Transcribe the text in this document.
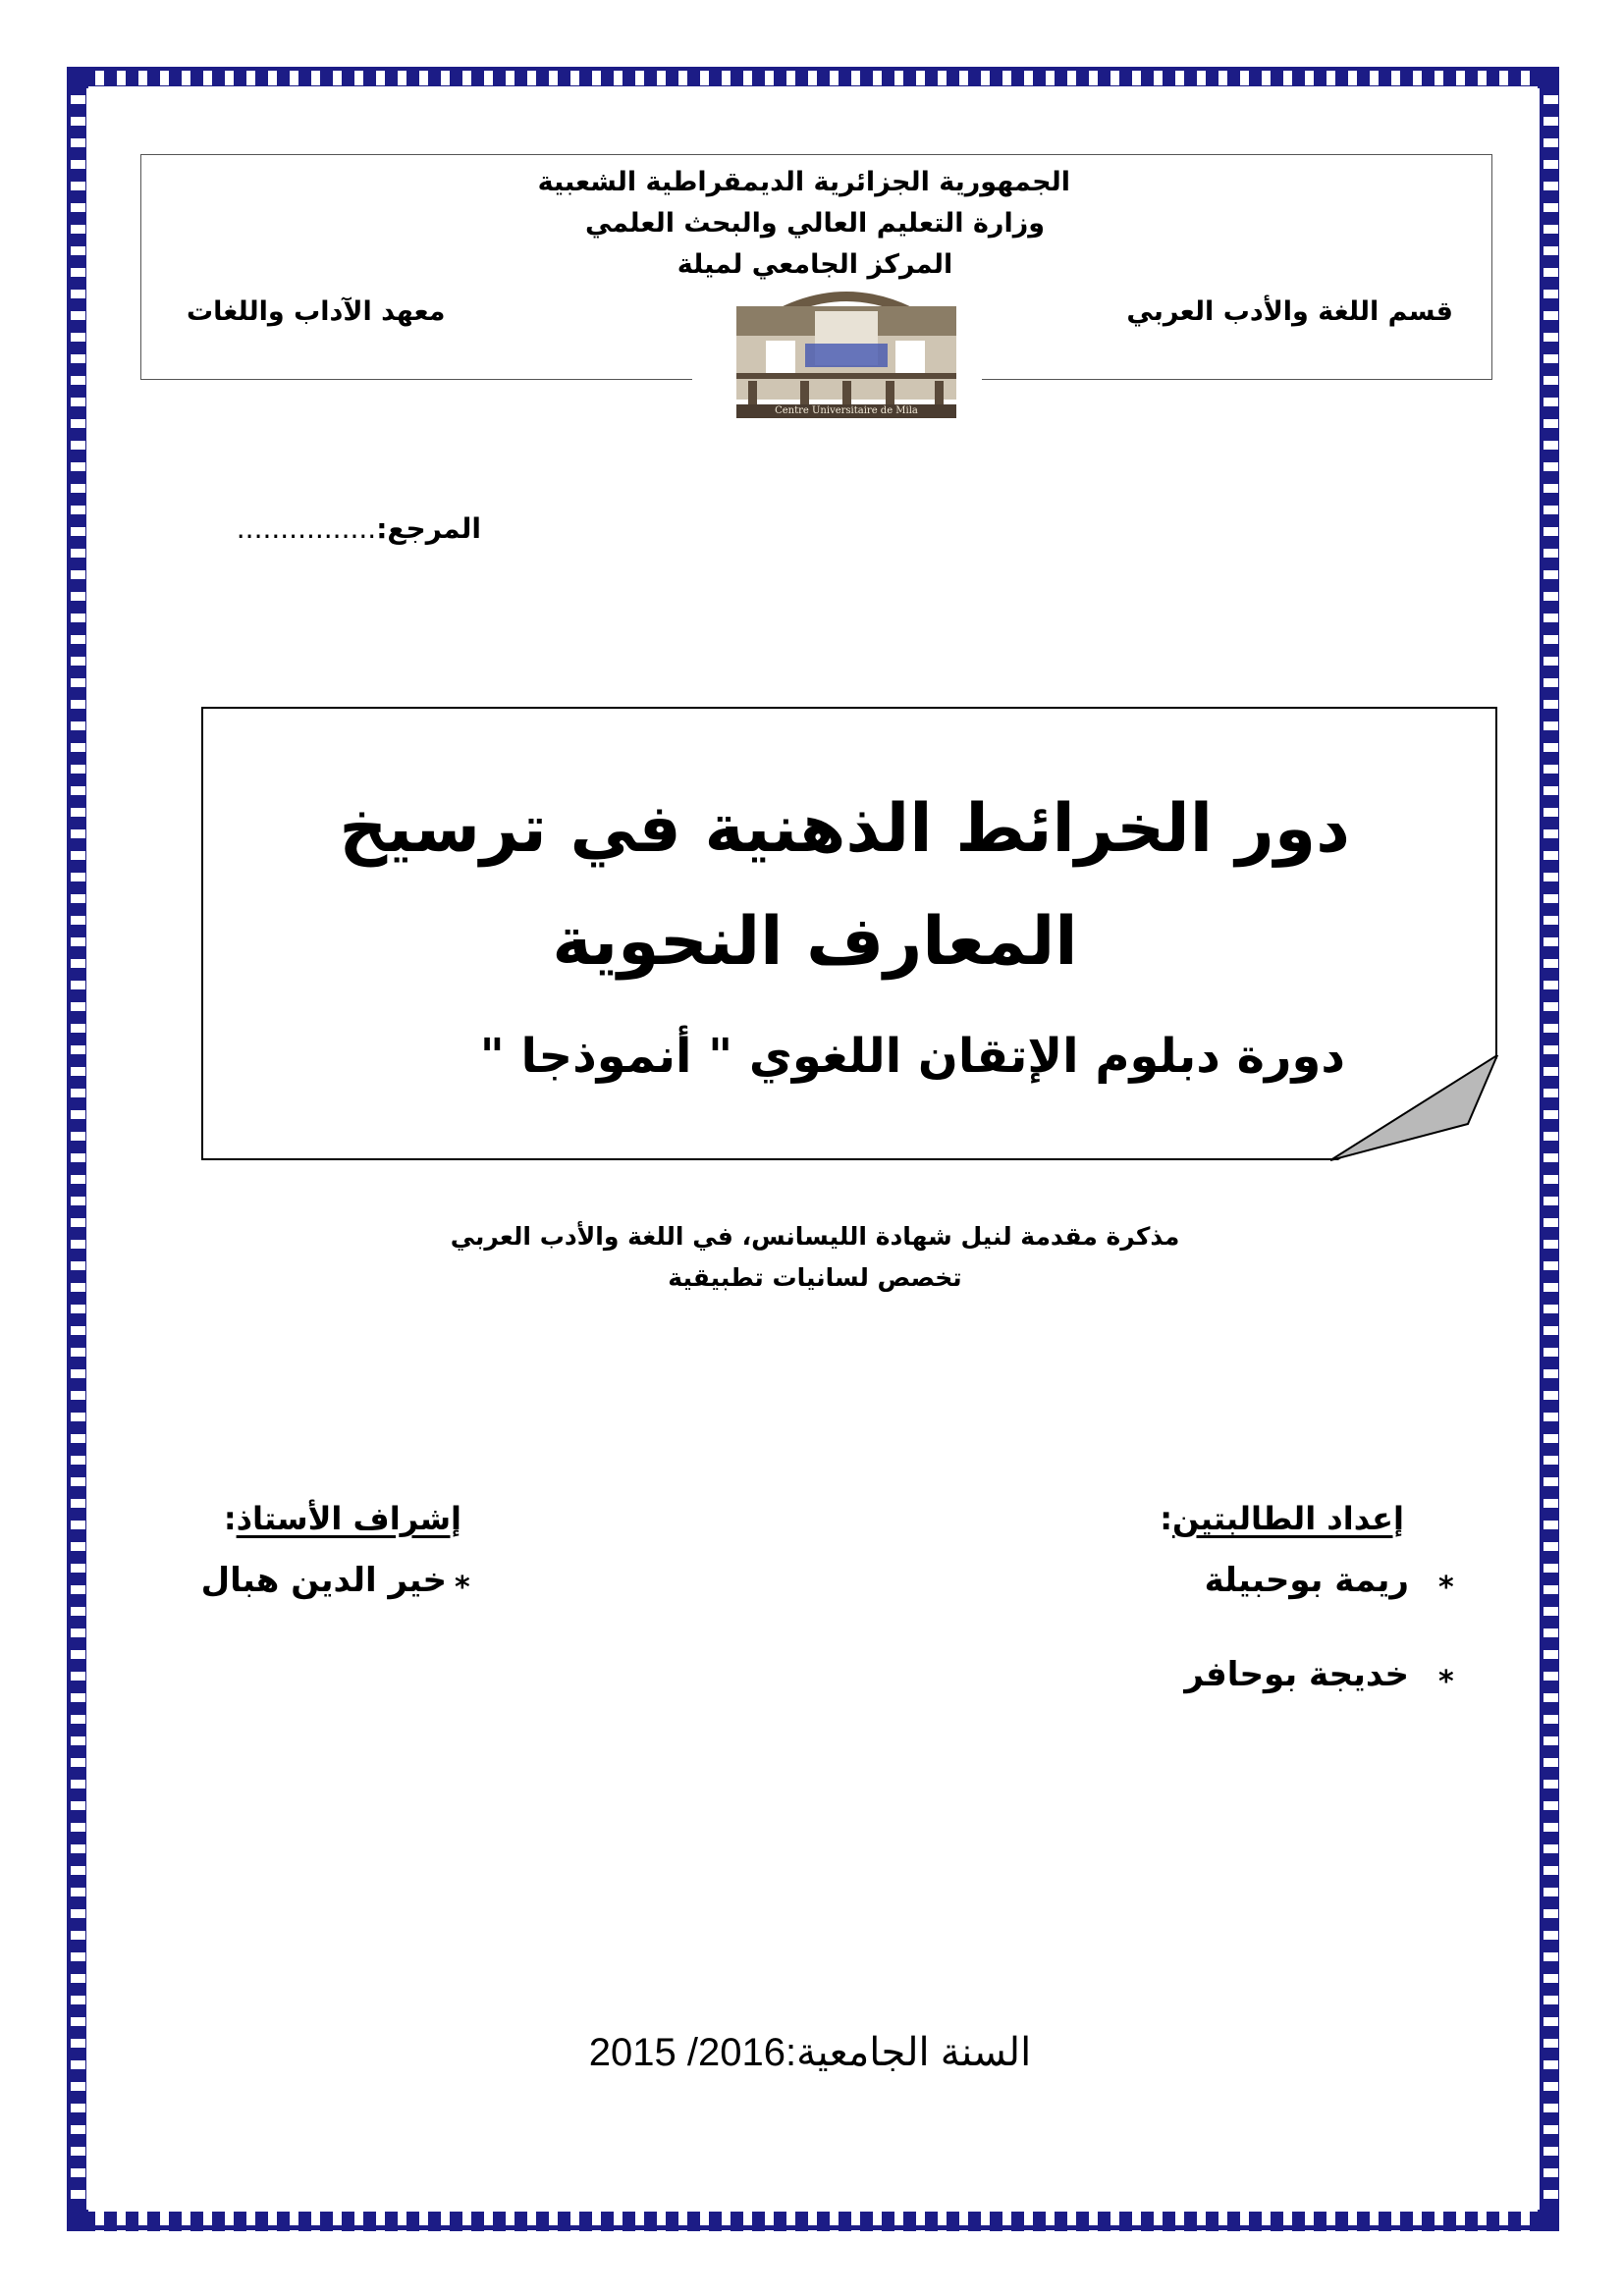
الجمهورية الجزائرية الديمقراطية الشعبية
وزارة التعليم العالي والبحث العلمي
المركز الجامعي لميلة
قسم اللغة والأدب العربي
معهد الآداب واللغات
Centre Universitaire de Mila
المرجع:................
دور الخرائط الذهنية في ترسيخ
المعارف النحوية
دورة دبلوم الإتقان اللغوي " أنموذجا "
مذكرة مقدمة لنيل شهادة الليسانس، في اللغة والأدب العربي
تخصص لسانيات تطبيقية
إعداد الطالبتين:
*
ريمة بوحبيلة
*
خديجة بوحافر
إشراف الأستاذ:
*
خير الدين هبال
2015 /2016السنة الجامعية:
